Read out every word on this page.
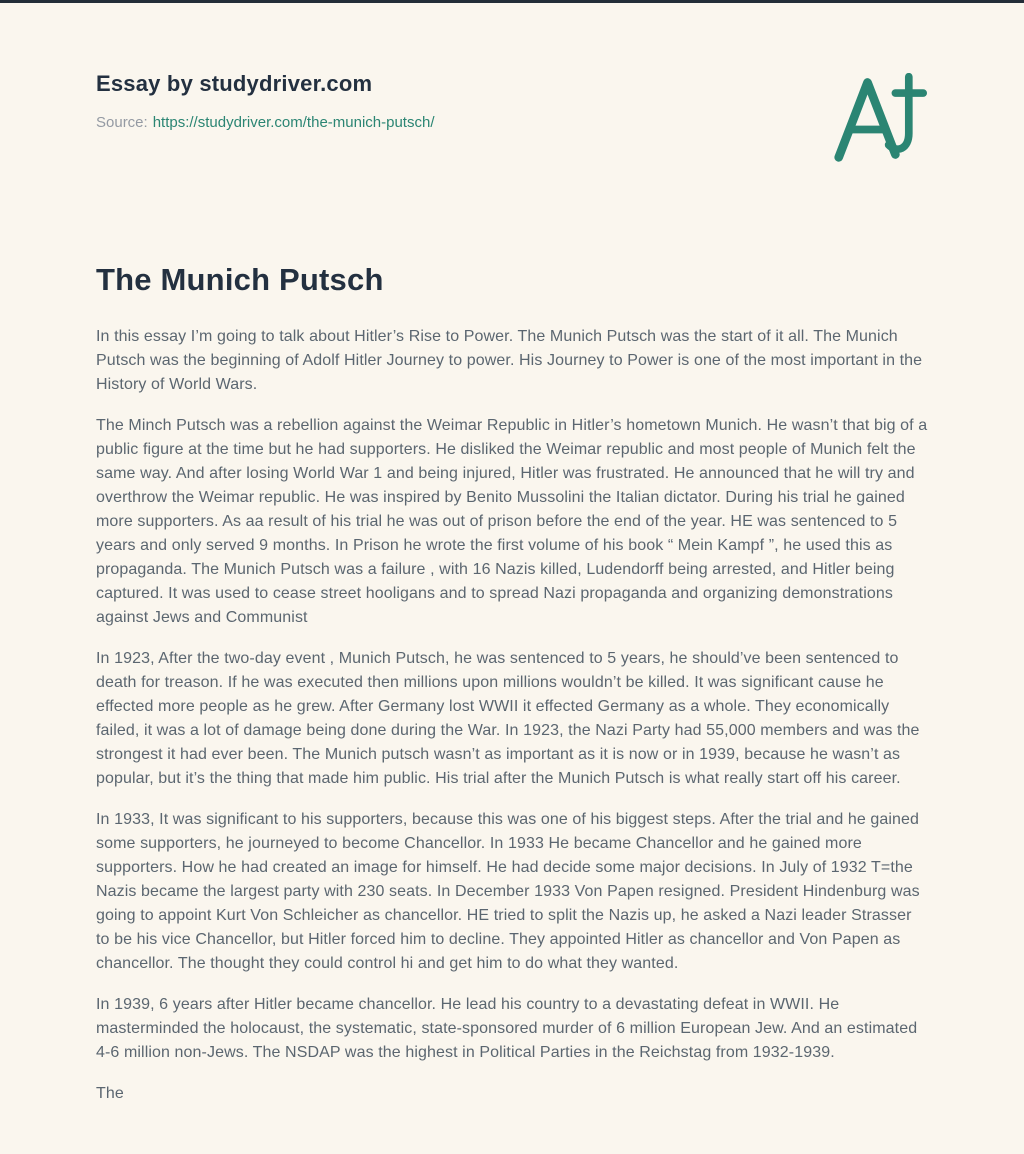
Essay by studydriver.com

Source: https://studydriver.com/the-munich-putsch/

The Munich Putsch

In this essay I’m going to talk about Hitler’s Rise to Power. The Munich Putsch was the start of it all. The Munich Putsch was the beginning of Adolf Hitler Journey to power. His Journey to Power is one of the most important in the History of World Wars.

The Minch Putsch was a rebellion against the Weimar Republic in Hitler’s hometown Munich. He wasn’t that big of a public figure at the time but he had supporters. He disliked the Weimar republic and most people of Munich felt the same way. And after losing World War 1 and being injured, Hitler was frustrated. He announced that he will try and overthrow the Weimar republic. He was inspired by Benito Mussolini the Italian dictator. During his trial he gained more supporters. As aa result of his trial he was out of prison before the end of the year. HE was sentenced to 5 years and only served 9 months. In Prison he wrote the first volume of his book “ Mein Kampf ”, he used this as propaganda. The Munich Putsch was a failure , with 16 Nazis killed, Ludendorff being arrested, and Hitler being captured. It was used to cease street hooligans and to spread Nazi propaganda and organizing demonstrations against Jews and Communist

In 1923, After the two-day event , Munich Putsch, he was sentenced to 5 years, he should’ve been sentenced to death for treason. If he was executed then millions upon millions wouldn’t be killed. It was significant cause he effected more people as he grew. After Germany lost WWII it effected Germany as a whole. They economically failed, it was a lot of damage being done during the War. In 1923, the Nazi Party had 55,000 members and was the strongest it had ever been. The Munich putsch wasn’t as important as it is now or in 1939, because he wasn’t as popular, but it’s the thing that made him public. His trial after the Munich Putsch is what really start off his career.

In 1933, It was significant to his supporters, because this was one of his biggest steps. After the trial and he gained some supporters, he journeyed to become Chancellor. In 1933 He became Chancellor and he gained more supporters. How he had created an image for himself. He had decide some major decisions. In July of 1932 T=the Nazis became the largest party with 230 seats. In December 1933 Von Papen resigned. President Hindenburg was going to appoint Kurt Von Schleicher as chancellor. HE tried to split the Nazis up, he asked a Nazi leader Strasser to be his vice Chancellor, but Hitler forced him to decline. They appointed Hitler as chancellor and Von Papen as chancellor. The thought they could control hi and get him to do what they wanted.

In 1939, 6 years after Hitler became chancellor. He lead his country to a devastating defeat in WWII. He masterminded the holocaust, the systematic, state-sponsored murder of 6 million European Jew. And an estimated 4-6 million non-Jews. The NSDAP was the highest in Political Parties in the Reichstag from 1932-1939.

The
